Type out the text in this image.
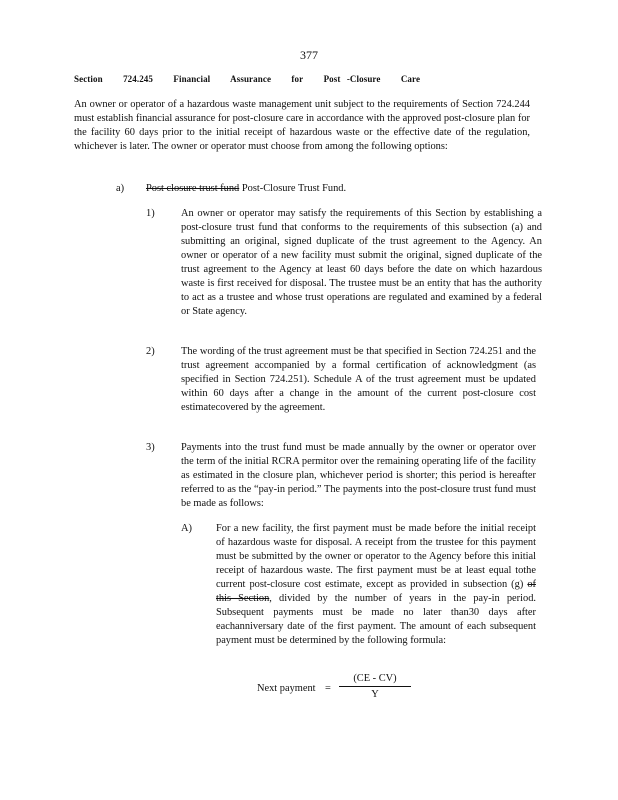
377
Section 724.245 Financial Assurance for Post -Closure Care
An owner or operator of a hazardous waste management unit subject to the requirements of Section 724.244 must establish financial assurance for post-closure care in accordance with the approved post-closure plan for the facility 60 days prior to the initial receipt of hazardous waste or the effective date of the regulation, whichever is later. The owner or operator must choose from among the following options:
a) Post closure trust fund Post-Closure Trust Fund.
1)	An owner or operator may satisfy the requirements of this Section by establishing a post-closure trust fund that conforms to the requirements of this subsection (a) and submitting an original, signed duplicate of the trust agreement to the Agency. An owner or operator of a new facility must submit the original, signed duplicate of the trust agreement to the Agency at least 60 days before the date on which hazardous waste is first received for disposal. The trustee must be an entity that has the authority to act as a trustee and whose trust operations are regulated and examined by a federal or State agency.
2)	The wording of the trust agreement must be that specified in Section 724.251 and the trust agreement accompanied by a formal certification of acknowledgment (as specified in Section 724.251). Schedule A of the trust agreement must be updated within 60 days after a change in the amount of the current post-closure cost estimatecovered by the agreement.
3)	Payments into the trust fund must be made annually by the owner or operator over the term of the initial RCRA permitor over the remaining operating life of the facility as estimated in the closure plan, whichever period is shorter; this period is hereafter referred to as the “pay-in period.” The payments into the post-closure trust fund must be made as follows:
A) For a new facility, the first payment must be made before the initial receipt of hazardous waste for disposal. A receipt from the trustee for this payment must be submitted by the owner or operator to the Agency before this initial receipt of hazardous waste. The first payment must be at least equal tothe current post-closure cost estimate, except as provided in subsection (g) of this Section, divided by the number of years in the pay-in period. Subsequent payments must be made no later than30 days after eachanniversary date of the first payment. The amount of each subsequent payment must be determined by the following formula:
Next payment = $\frac{(CE - CV)}{Y}$
